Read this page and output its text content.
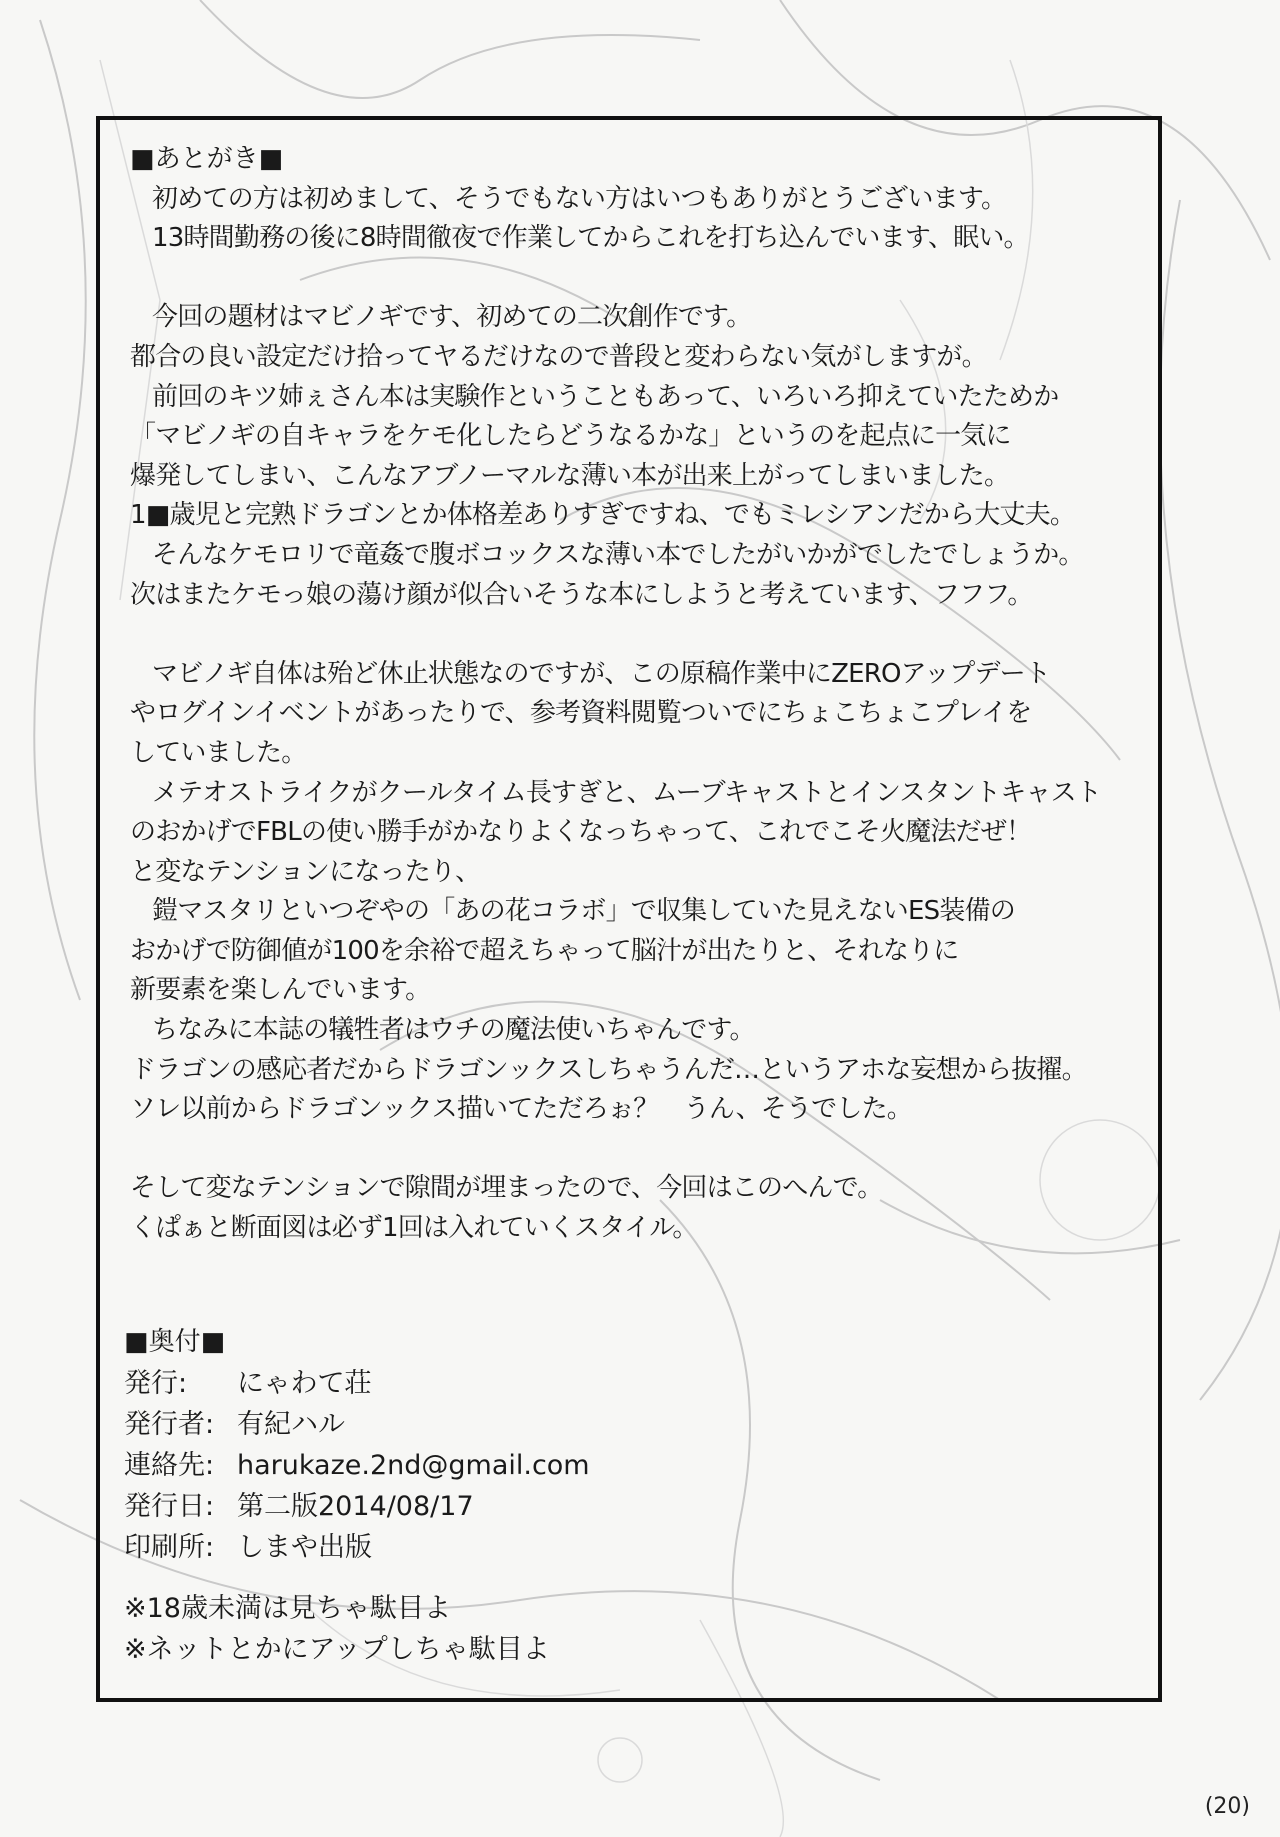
■あとがき■
初めての方は初めまして、そうでもない方はいつもありがとうございます。
13時間勤務の後に8時間徹夜で作業してからこれを打ち込んでいます、眠い。
今回の題材はマビノギです、初めての二次創作です。
都合の良い設定だけ拾ってヤるだけなので普段と変わらない気がしますが。
前回のキツ姉ぇさん本は実験作ということもあって、いろいろ抑えていたためか
「マビノギの自キャラをケモ化したらどうなるかな」というのを起点に一気に
爆発してしまい、こんなアブノーマルな薄い本が出来上がってしまいました。
1■歳児と完熟ドラゴンとか体格差ありすぎですね、でもミレシアンだから大丈夫。
そんなケモロリで竜姦で腹ボコックスな薄い本でしたがいかがでしたでしょうか。
次はまたケモっ娘の蕩け顔が似合いそうな本にしようと考えています、フフフ。
マビノギ自体は殆ど休止状態なのですが、この原稿作業中にZEROアップデート
やログインイベントがあったりで、参考資料閲覧ついでにちょこちょこプレイを
していました。
メテオストライクがクールタイム長すぎと、ムーブキャストとインスタントキャスト
のおかげでFBLの使い勝手がかなりよくなっちゃって、これでこそ火魔法だぜ！
と変なテンションになったり、
鎧マスタリといつぞやの「あの花コラボ」で収集していた見えないES装備の
おかげで防御値が100を余裕で超えちゃって脳汁が出たりと、それなりに
新要素を楽しんでいます。
ちなみに本誌の犠牲者はウチの魔法使いちゃんです。
ドラゴンの感応者だからドラゴンックスしちゃうんだ…というアホな妄想から抜擢。
ソレ以前からドラゴンックス描いてただろぉ？　うん、そうでした。
そして変なテンションで隙間が埋まったので、今回はこのへんで。
くぱぁと断面図は必ず1回は入れていくスタイル。
■奥付■
発行:	にゃわて荘
発行者: 有紀ハル
連絡先: harukaze.2nd@gmail.com
発行日: 第二版2014/08/17
印刷所: しまや出版
※18歳未満は見ちゃ駄目よ
※ネットとかにアップしちゃ駄目よ
(20)
